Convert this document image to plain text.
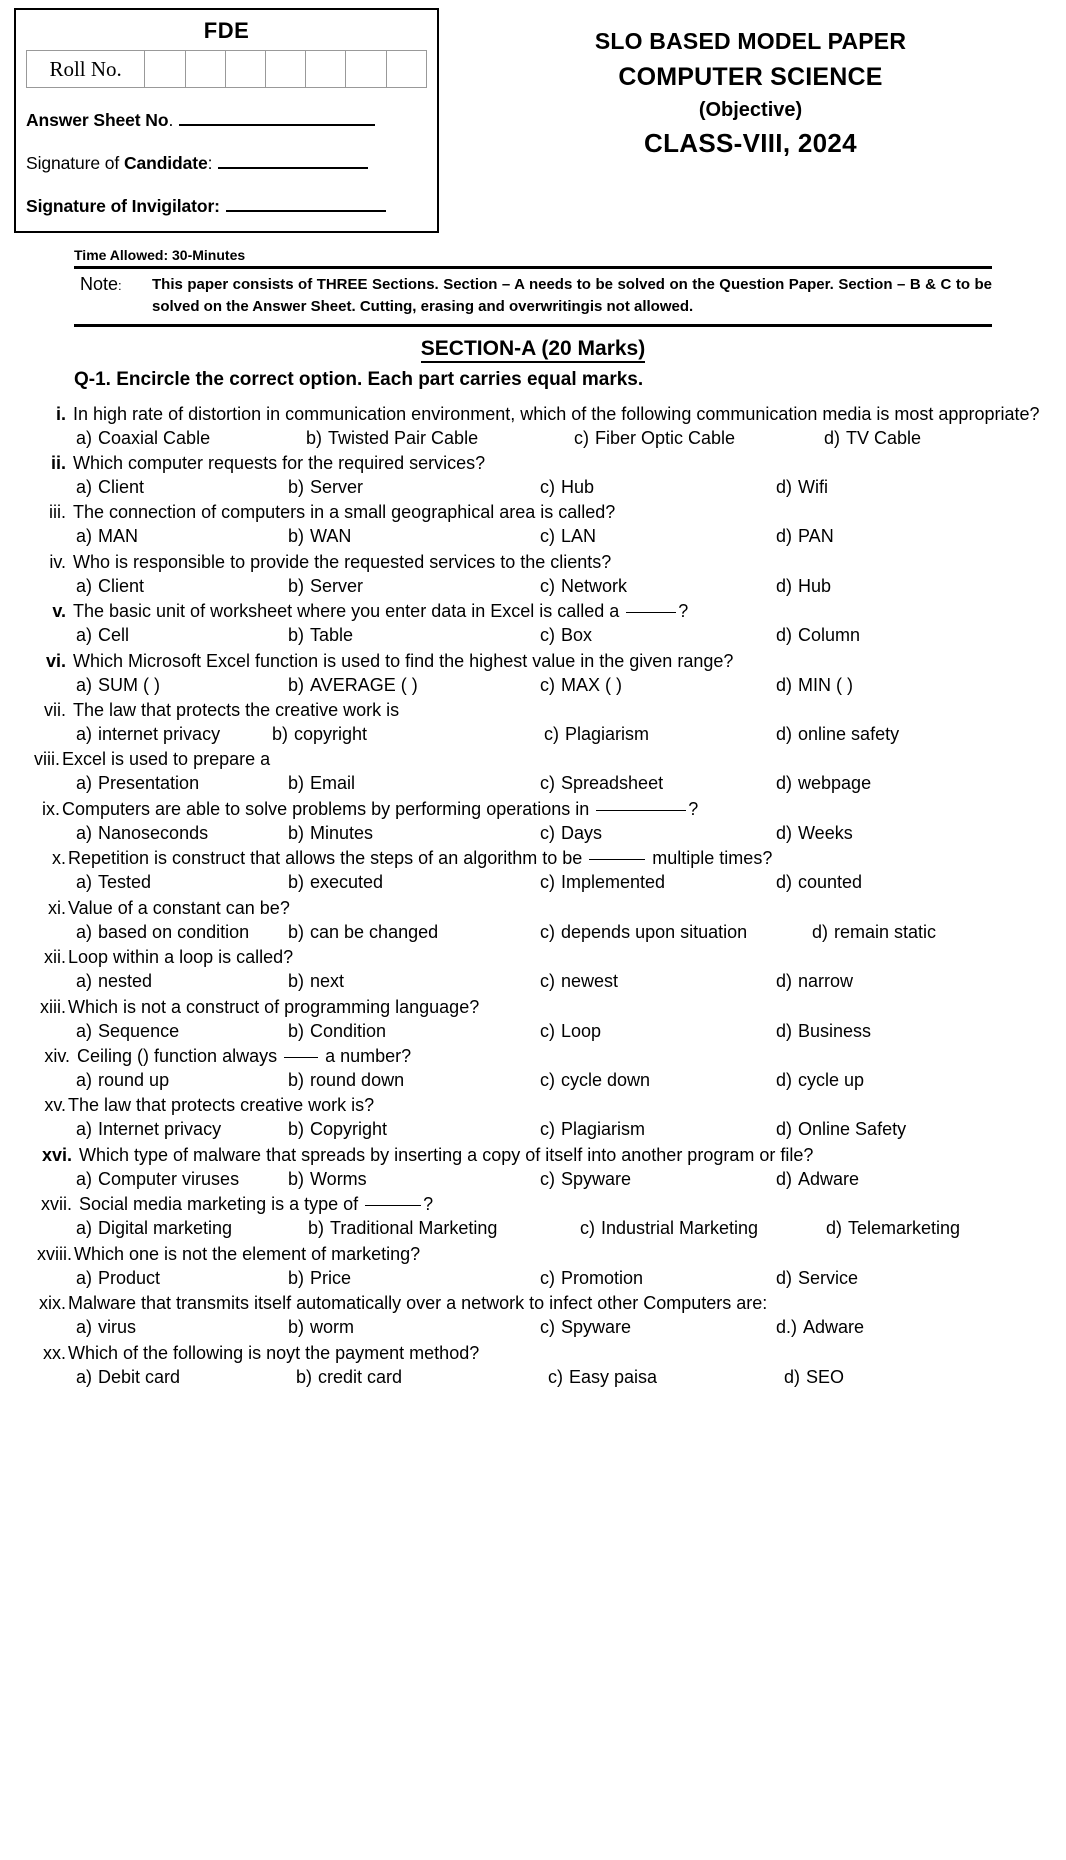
FDE
Roll No.							
Answer Sheet No.
Signature of Candidate:
Signature of Invigilator:
SLO BASED MODEL PAPER
COMPUTER SCIENCE
(Objective)
CLASS-VIII, 2024
Time Allowed: 30-Minutes
Note:	This paper consists of THREE Sections. Section – A needs to be solved on the Question Paper. Section – B & C to be solved on the Answer Sheet. Cutting, erasing and overwritingis not allowed.
SECTION-A (20 Marks)
Q-1. Encircle the correct option. Each part carries equal marks.
i. In high rate of distortion in communication environment, which of the following communication media is most appropriate?
a) Coaxial Cable	b) Twisted Pair Cable	c) Fiber Optic Cable	d) TV Cable
ii. Which computer requests for the required services?
a) Client	b) Server	c) Hub	d) Wifi
iii. The connection of computers in a small geographical area is called?
a) MAN	b) WAN	c) LAN	d) PAN
iv. Who is responsible to provide the requested services to the clients?
a) Client	b) Server	c) Network	d) Hub
v. The basic unit of worksheet where you enter data in Excel is called a	?
a) Cell	b) Table	c) Box	d) Column
vi. Which Microsoft Excel function is used to find the highest value in the given range?
a) SUM ( )	b) AVERAGE ( )	c) MAX ( )	d) MIN ( )
vii. The law that protects the creative work is
a) internet privacy	b) copyright	c) Plagiarism	d) online safety
viii. Excel is used to prepare a
a) Presentation	b) Email	c) Spreadsheet	d) webpage
ix. Computers are able to solve problems by performing operations in	?
a) Nanoseconds	b) Minutes	c) Days	d) Weeks
x. Repetition is construct that allows the steps of an algorithm to be	multiple times?
a) Tested	b) executed	c) Implemented	d) counted
xi. Value of a constant can be?
a) based on condition b) can be changed	c) depends upon situation	d) remain static
xii. Loop within a loop is called?
a) nested	b) next	c) newest	d) narrow
xiii. Which is not a construct of programming language?
a) Sequence	b) Condition	c) Loop	d) Business
xiv. Ceiling () function always  a number?
a) round up	b) round down	c) cycle down	d) cycle up
xv. The law that protects creative work is?
a) Internet privacy	b) Copyright	c) Plagiarism	d) Online Safety
xvi. Which type of malware that spreads by inserting a copy of itself into another program or file?
a) Computer viruses	b) Worms	c) Spyware	d) Adware
xvii. Social media marketing is a type of	?
a) Digital marketing	b) Traditional Marketing	c) Industrial Marketing	d) Telemarketing
xviii. Which one is not the element of marketing?
a) Product	b) Price	c) Promotion	d) Service
xix. Malware that transmits itself automatically over a network to infect other Computers are:
a) virus	b) worm	c) Spyware	d.) Adware
xx. Which of the following is noyt the payment method?
a) Debit card	b) credit card	c) Easy paisa	d) SEO
